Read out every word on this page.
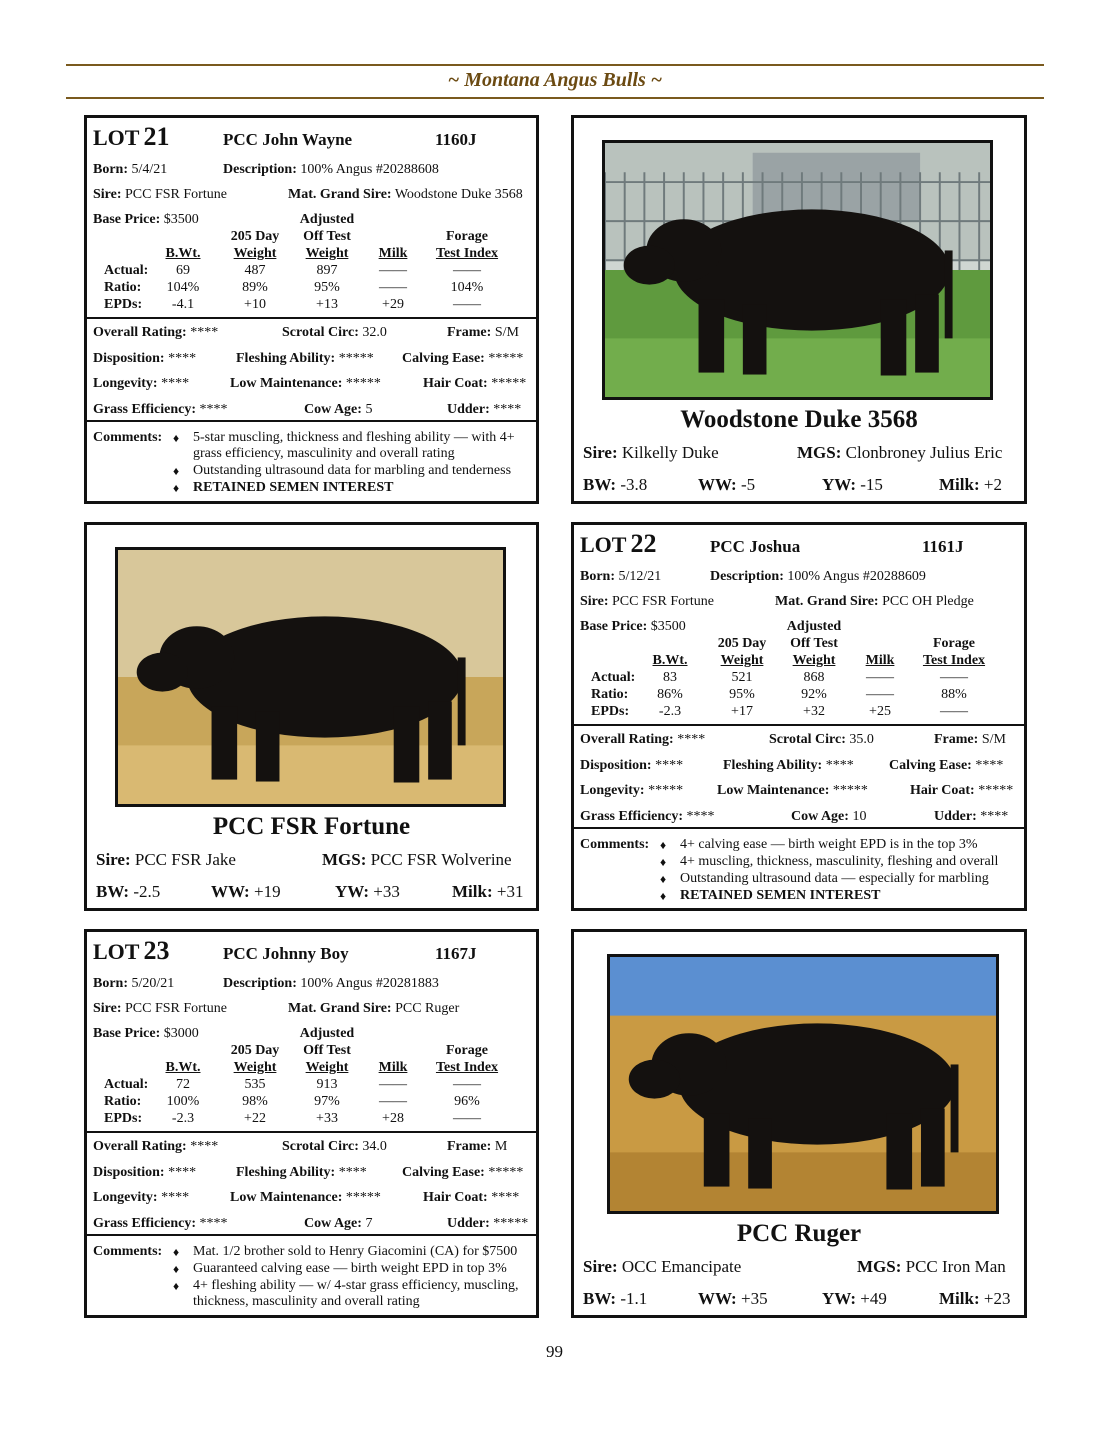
~ Montana Angus Bulls ~
LOT 21	PCC John Wayne	1160J
Born: 5/4/21	Description: 100% Angus #20288608
Sire: PCC FSR Fortune	Mat. Grand Sire: Woodstone Duke 3568
Base Price: $3500	Adjusted
205 Day	Off Test	Forage
B.Wt.	Weight	Weight	Milk	Test Index
Actual:	69	487	897	——	——
Ratio:	104%	89%	95%	——	104%
EPDs:	-4.1	+10	+13	+29	——
Overall Rating: ****	Scrotal Circ: 32.0	Frame: S/M
Disposition: ****	Fleshing Ability: ***** Calving Ease: *****
Longevity: ****	Low Maintenance: *****	Hair Coat: *****
Grass Efficiency: ****	Cow Age: 5	Udder: ****
Comments: ♦ 5-star muscling, thickness and fleshing ability — with 4+ grass efficiency, masculinity and overall rating
♦ Outstanding ultrasound data for marbling and tenderness
♦ RETAINED SEMEN INTEREST
LOT 22	PCC Joshua	1161J
Born: 5/12/21	Description: 100% Angus #20288609
Sire: PCC FSR Fortune	Mat. Grand Sire: PCC OH Pledge
Base Price: $3500	Adjusted
205 Day	Off Test	Forage
B.Wt.	Weight	Weight	Milk	Test Index
Actual:	83	521	868	——	——
Ratio:	86%	95%	92%	——	88%
EPDs:	-2.3	+17	+32	+25	——
Overall Rating: ****	Scrotal Circ: 35.0	Frame: S/M
Disposition: ****	Fleshing Ability: ****	Calving Ease: ****
Longevity: ***** Low Maintenance: *****	Hair Coat: *****
Grass Efficiency: ****	Cow Age: 10	Udder: ****
Comments: ♦ 4+ calving ease — birth weight EPD is in the top 3%
♦ 4+ muscling, thickness, masculinity, fleshing and overall
♦ Outstanding ultrasound data — especially for marbling
♦ RETAINED SEMEN INTEREST
LOT 23	PCC Johnny Boy	1167J
Born: 5/20/21	Description: 100% Angus #20281883
Sire: PCC FSR Fortune	Mat. Grand Sire: PCC Ruger
Base Price: $3000	Adjusted
205 Day	Off Test	Forage
B.Wt.	Weight	Weight	Milk	Test Index
Actual:	72	535	913	——	——
Ratio:	100%	98%	97%	——	96%
EPDs:	-2.3	+22	+33	+28	——
Overall Rating: ****	Scrotal Circ: 34.0	Frame: M
Disposition: ****	Fleshing Ability: ****	Calving Ease: *****
Longevity: ****	Low Maintenance: *****	Hair Coat: ****
Grass Efficiency: ****	Cow Age: 7	Udder: *****
Comments: ♦ Mat. 1/2 brother sold to Henry Giacomini (CA) for $7500
♦ Guaranteed calving ease — birth weight EPD in top 3%
♦ 4+ fleshing ability — w/ 4-star grass efficiency, muscling, thickness, masculinity and overall rating
Woodstone Duke 3568
Sire: Kilkelly Duke	MGS: Clonbroney Julius Eric
BW: -3.8	WW: -5	YW: -15	Milk: +2
PCC FSR Fortune
Sire: PCC FSR Jake	MGS: PCC FSR Wolverine
BW: -2.5	WW: +19	YW: +33	Milk: +31
PCC Ruger
Sire: OCC Emancipate	MGS: PCC Iron Man
BW: -1.1	WW: +35	YW: +49	Milk: +23
99
